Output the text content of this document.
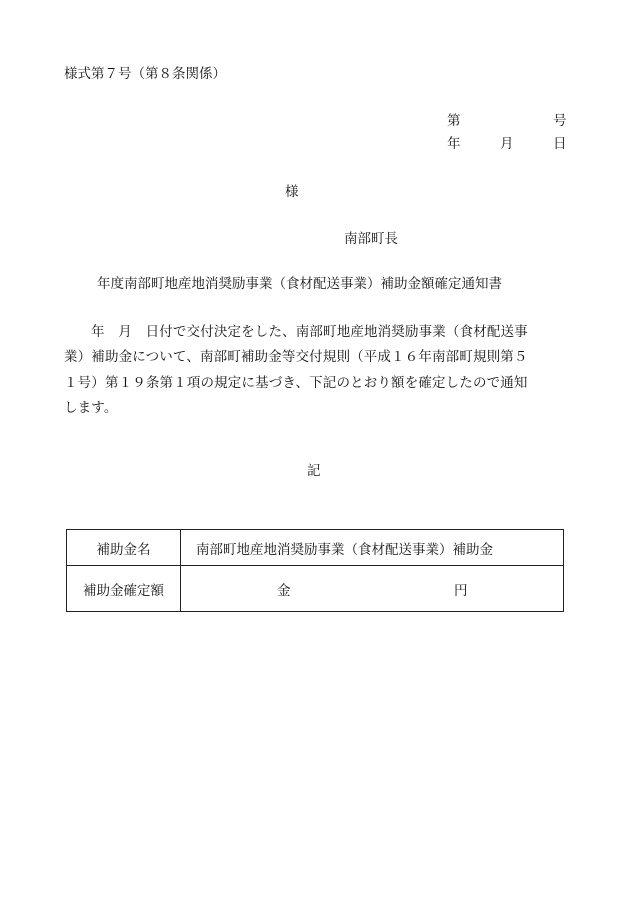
様式第７号（第８条関係）
第	号
年	月	日
様
南部町長
年度南部町地産地消奨励事業（食材配送事業）補助金額確定通知書
年　月　日付で交付決定をした、南部町地産地消奨励事業（食材配送事
業）補助金について、南部町補助金等交付規則（平成１６年南部町規則第５
１号）第１９条第１項の規定に基づき、下記のとおり額を確定したので通知
します。
記
補助金名	南部町地産地消奨励事業（食材配送事業）補助金
補助金確定額	金 円
